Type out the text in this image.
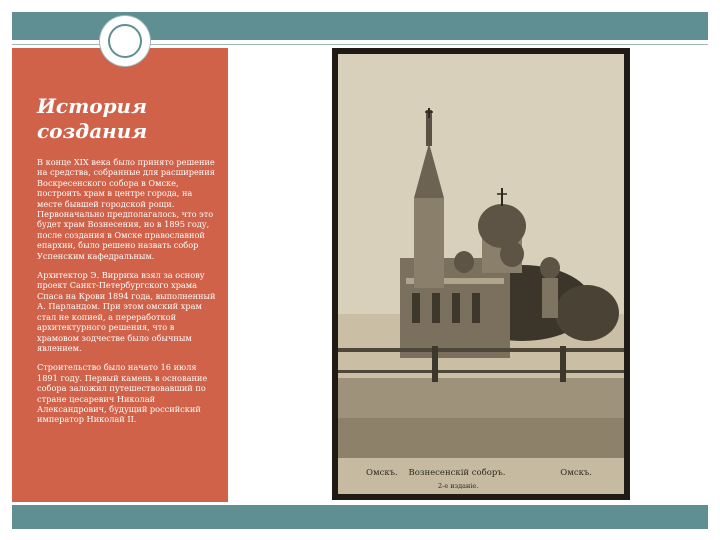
История
создания

В конце XIX века было принято решение на средства, собранные для расширения Воскресенского собора в Омске, построить храм в центре города, на месте бывшей городской рощи. Первоначально предполагалось, что это будет храм Вознесения, но в 1895 году, после создания в Омске православной епархии, было решено назвать собор Успенским кафедральным.

Архитектор Э. Вирриха взял за основу проект Санкт-Петербургского храма Спаса на Крови 1894 года, выполненный А. Парландом. При этом омский храм стал не копией, а переработкой архитектурного решения, что в храмовом зодчестве было обычным явлением.

Строительство было начато 16 июля 1891 году. Первый камень в основание собора заложил путешествовавший по стране цесаревич Николай Александрович, будущий российский император Николай II.

Омскъ. Вознесенскій соборъ.	Омскъ.
2-е изданіе.
